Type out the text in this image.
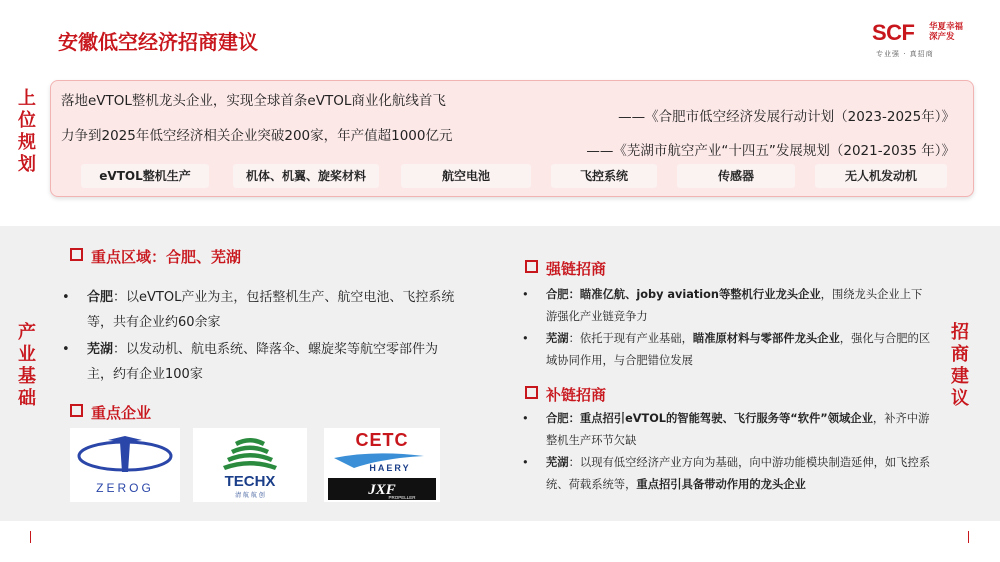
安徽低空经济招商建议	SCF 华夏幸福
深产发
专业强 · 真招商
上
位
规
划
落地eVTOL整机龙头企业，实现全球首条eVTOL商业化航线首飞
力争到2025年低空经济相关企业突破200家，年产值超1000亿元
——《合肥市低空经济发展行动计划（2023-2025年）》
——《芜湖市航空产业“十四五”发展规划（2021-2035 年）》
eVTOL整机生产	机体、机翼、旋桨材料	航空电池	飞控系统	传感器	无人机发动机
产
业
基
础
招
商
建
议
重点区域：合肥、芜湖
• 合肥：以eVTOL产业为主，包括整机生产、航空电池、飞控系统等，共有企业约60余家
• 芜湖：以发动机、航电系统、降落伞、螺旋桨等航空零部件为主，约有企业100家
重点企业
ZEROG	TECHX
清 航 航 创
CETC
HAERY
JXF
PROPELLER
强链招商
• 合肥：瞄准亿航、joby aviation等整机行业龙头企业，围绕龙头企业上下游强化产业链竞争力
• 芜湖：依托于现有产业基础，瞄准原材料与零部件龙头企业，强化与合肥的区域协同作用，与合肥错位发展
补链招商
• 合肥：重点招引eVTOL的智能驾驶、飞行服务等“软件”领域企业，补齐中游整机生产环节欠缺
• 芜湖：以现有低空经济产业方向为基础，向中游功能模块制造延伸，如飞控系统、荷载系统等，重点招引具备带动作用的龙头企业
